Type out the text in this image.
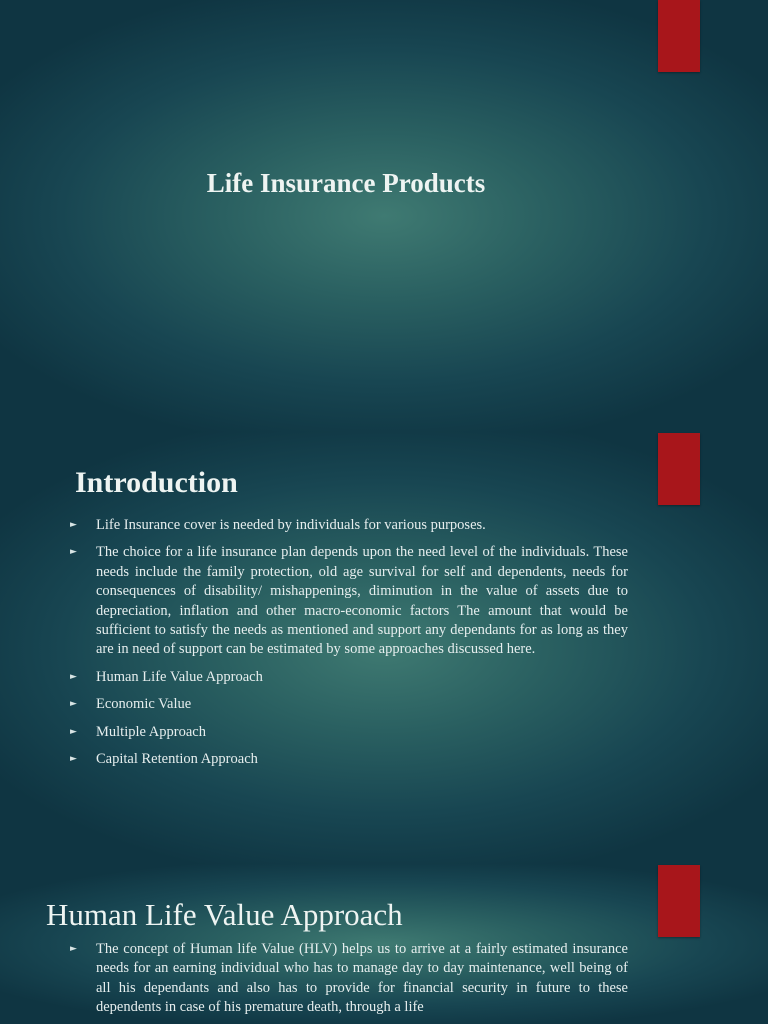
Life Insurance Products
Introduction
► Life Insurance cover is needed by individuals for various purposes.
► The choice for a life insurance plan depends upon the need level of the individuals. These needs include the family protection, old age survival for self and dependents, needs for consequences of disability/ mishappenings, diminution in the value of assets due to depreciation, inflation and other macro-economic factors The amount that would be sufficient to satisfy the needs as mentioned and support any dependants for as long as they are in need of support can be estimated by some approaches discussed here.
► Human Life Value Approach
► Economic Value
► Multiple Approach
► Capital Retention Approach
Human Life Value Approach
► The concept of Human life Value (HLV) helps us to arrive at a fairly estimated insurance needs for an earning individual who has to manage day to day maintenance, well being of all his dependants and also has to provide for financial security in future to these dependents in case of his premature death, through a life
